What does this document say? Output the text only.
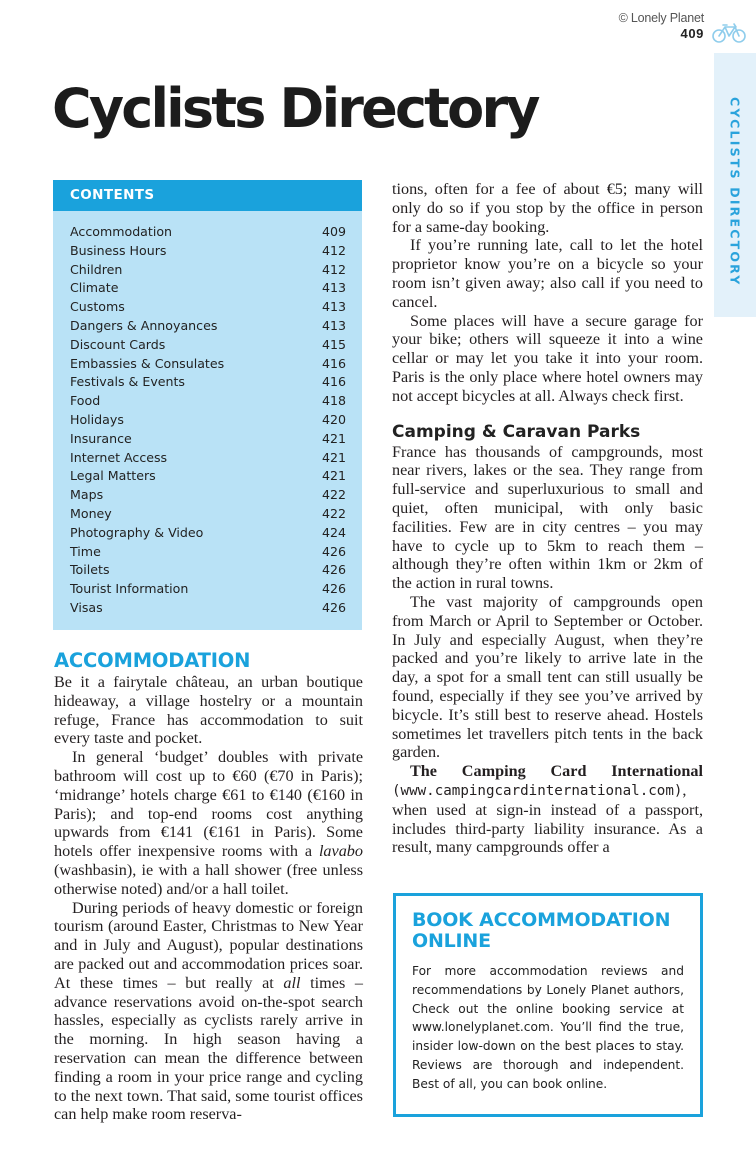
© Lonely Planet
409
CYCLISTS DIRECTORY
Cyclists Directory
CONTENTS
Accommodation	409
Business Hours	412
Children	412
Climate	413
Customs	413
Dangers & Annoyances	413
Discount Cards	415
Embassies & Consulates	416
Festivals & Events	416
Food	418
Holidays	420
Insurance	421
Internet Access	421
Legal Matters	421
Maps	422
Money	422
Photography & Video	424
Time	426
Toilets	426
Tourist Information	426
Visas	426
ACCOMMODATION

Be it a fairytale château, an urban boutique hideaway, a village hostelry or a mountain refuge, France has accommodation to suit every taste and pocket.

In general ‘budget’ doubles with private bathroom will cost up to €60 (€70 in Paris); ‘midrange’ hotels charge €61 to €140 (€160 in Paris); and top-end rooms cost anything upwards from €141 (€161 in Paris). Some hotels offer inexpensive rooms with a lavabo (washbasin), ie with a hall shower (free unless otherwise noted) and/or a hall toilet.

During periods of heavy domestic or foreign tourism (around Easter, Christmas to New Year and in July and August), popular destinations are packed out and accommodation prices soar. At these times – but really at all times – advance reservations avoid on-the-spot search hassles, especially as cyclists rarely arrive in the morning. In high season having a reservation can mean the difference between finding a room in your price range and cycling to the next town. That said, some tourist offices can help make room reserva-

tions, often for a fee of about €5; many will only do so if you stop by the office in person for a same-day booking.

If you’re running late, call to let the hotel proprietor know you’re on a bicycle so your room isn’t given away; also call if you need to cancel.

Some places will have a secure garage for your bike; others will squeeze it into a wine cellar or may let you take it into your room. Paris is the only place where hotel owners may not accept bicycles at all. Always check first.

Camping & Caravan Parks

France has thousands of campgrounds, most near rivers, lakes or the sea. They range from full-service and superluxurious to small and quiet, often municipal, with only basic facilities. Few are in city centres – you may have to cycle up to 5km to reach them – although they’re often within 1km or 2km of the action in rural towns.

The vast majority of campgrounds open from March or April to September or October. In July and especially August, when they’re packed and you’re likely to arrive late in the day, a spot for a small tent can still usually be found, especially if they see you’ve arrived by bicycle. It’s still best to reserve ahead. Hostels sometimes let travellers pitch tents in the back garden.

The Camping Card International (www.campingcardinternational.com), when used at sign-in instead of a passport, includes third-party liability insurance. As a result, many campgrounds offer a

BOOK ACCOMMODATION ONLINE

For more accommodation reviews and recommendations by Lonely Planet authors, Check out the online booking service at www.lonelyplanet.com. You’ll find the true, insider low-down on the best places to stay. Reviews are thorough and independent. Best of all, you can book online.
